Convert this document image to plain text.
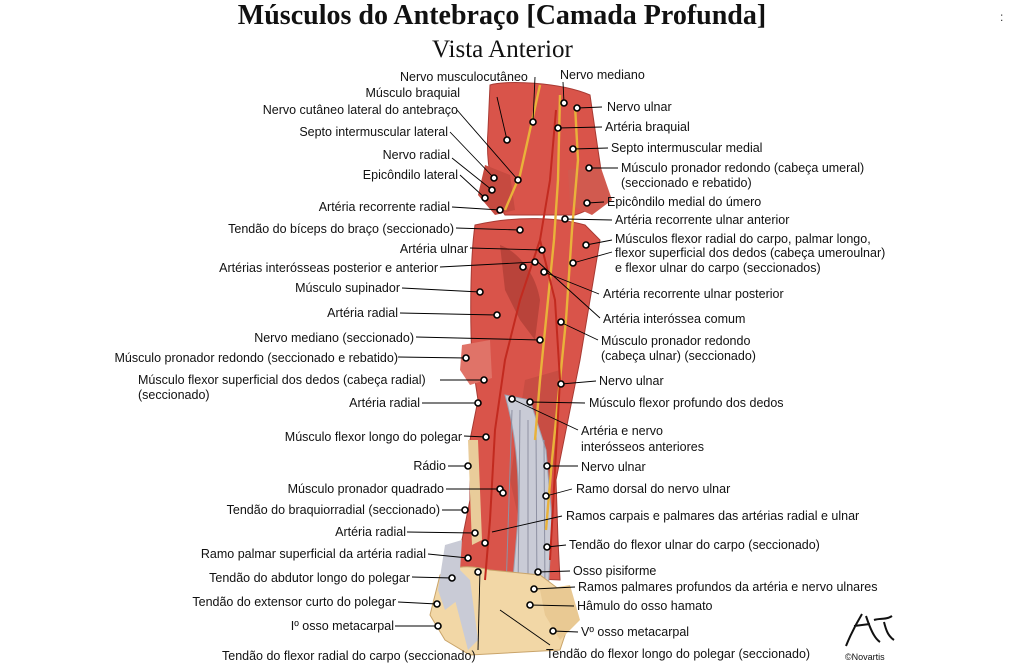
Músculos do Antebraço [Camada Profunda]
Vista Anterior
:
Músculo braquial
Nervo cutâneo lateral do antebraço
Septo intermuscular lateral
Nervo radial
Epicôndilo lateral
Artéria recorrente radial
Tendão do bíceps do braço (seccionado)
Artéria ulnar
Artérias interósseas posterior e anterior
Músculo supinador
Artéria radial
Nervo mediano (seccionado)
Músculo pronador redondo (seccionado e rebatido)
Músculo flexor superficial dos dedos (cabeça radial)
(seccionado)
Artéria radial
Músculo flexor longo do polegar
Rádio
Músculo pronador quadrado
Tendão do braquiorradial (seccionado)
Artéria radial
Ramo palmar superficial da artéria radial
Tendão do abdutor longo do polegar
Tendão do extensor curto do polegar
Iº osso metacarpal
Tendão do flexor radial do carpo (seccionado)
Nervo musculocutâneo	Nervo mediano
Nervo ulnar
Artéria braquial
Septo intermuscular medial
Músculo pronador redondo (cabeça umeral)
(seccionado e rebatido)
Epicôndilo medial do úmero
Artéria recorrente ulnar anterior
Músculos flexor radial do carpo, palmar longo,
flexor superficial dos dedos (cabeça umeroulnar)
e flexor ulnar do carpo (seccionados)
Artéria recorrente ulnar posterior
Artéria interóssea comum
Músculo pronador redondo
(cabeça ulnar) (seccionado)
Nervo ulnar
Músculo flexor profundo dos dedos
Artéria e nervo
interósseos anteriores
Nervo ulnar
Ramo dorsal do nervo ulnar
Ramos carpais e palmares das artérias radial e ulnar
Tendão do flexor ulnar do carpo (seccionado)
Osso pisiforme
Ramos palmares profundos da artéria e nervo ulnares
Hâmulo do osso hamato
Vº osso metacarpal
Tendão do flexor longo do polegar (seccionado)	©Novartis
